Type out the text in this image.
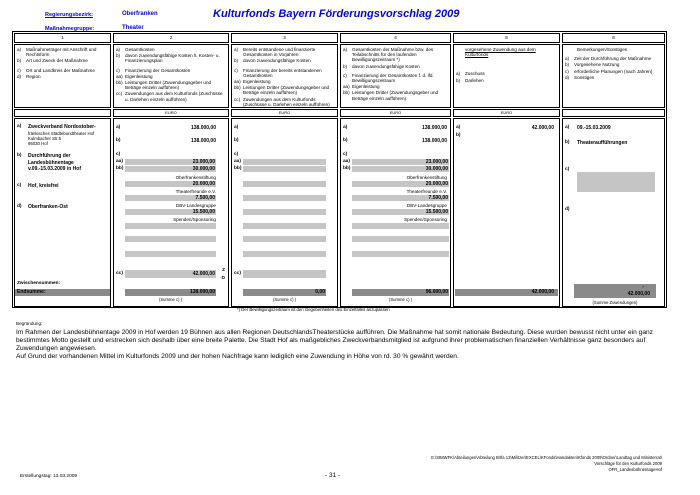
Regierungsbezirk:	Oberfranken
Maßnahmegruppe:	Theater
Kulturfonds Bayern Förderungsvorschlag 2009
1
a)	Maßnahmeträger mit Anschrift und Rechtsform
b)	Art und Zweck der Maßnahme
c)	Ort und Landkreis der Maßnahme
d)	Region
a) Zweckverband Nordostober-
fränkisches Städtebundtheater Hof
Kulmbacher Str.5
95030 Hof
b) Durchführung der Landesbühnentage v.09.-15.03.2009 in Hof
c) Hof, kreisfrei
d) Oberfranken-Ost
Zwischensummen:
Endsumme:
2
a)	Gesamtkosten
b)	davon zuwendungsfähige Kosten lt. Kosten- u. Finanzierungsplan
c)	Finanzierung der Gesamtkosten
aa) Eigenleistung
bb) Leistungen Dritter (Zuwendungsgeber und Beträge einzeln aufführen)
cc) Zuwendungen aus dem Kulturfonds (Zuschüsse u. Darlehen einzeln aufführen)
EURO
a)	138.000,00
b)	138.000,00
c)
aa)	23.000,00
bb)	30.000,00
Oberfrankenstiftung
20.000,00
Theaterfreunde e.V.
7.500,00
DBV-Landesgruppe
15.500,00
Spenden/Sponsoring
cc)	42.000,00
Z
D
138.000,00
(Summe c) )
3
a)	Bereits entstandene und finanzierte Gesamtkosten in Vorjahren
b)	davon zuwendungsfähige Kosten
c)	Finanzierung der bereits entstandenen Gesamtkosten
aa) Eigenleistung
bb) Leistungen Dritter (Zuwendungsgeber und Beträge einzeln aufführen)
cc) Zuwendungen aus dem Kulturfonds (Zuschüsse u. Darlehen einzeln aufführen)
EURO
a)
b)
c)
aa)
bb)
cc)
0,00
(Summe c) )
4
a)	Gesamtkosten der Maßnahme bzw. des Teilabschnitts für den laufenden Bewilligungszeitraum *)
b)	davon zuwendungsfähige Kosten
c)	Finanzierung der Gesamtkosten f. d. lfd. Bewilligungszeitraum
aa) Eigenleistung
bb) Leistungen Dritter (Zuwendungsgeber und Beträge einzeln aufführen)
EURO
a)	138.000,00
b)	138.000,00
c)
aa)	23.000,00
bb)	30.000,00
Oberfrankenstiftung
20.000,00
Theaterfreunde e.V.
7.500,00
DBV-Landesgruppe
15.500,00
Spenden/Sponsoring
96.000,00
(Summe c) )
5
vorgesehene Zuwendung aus dem Kulturfonds
a)	Zuschuss
b)	Darlehen
EURO
a)	42.000,00
b)
42.000,00
6
Bemerkungen/Sonstiges
a)	Zeit der Durchführung der Maßnahme
b)	Vorgesehene Nutzung
c)	erforderliche Planungen (nach Jahren)
d)	Sonstiges
a) 09.-15.03.2009
b) Theateraufführungen
c)
d)
-
42.000,00
(Summe Zuwendungen)
*) Der Bewilligungszeitraum ist den Gegebenheiten des Einzelfalles anzupassen
Begründung:
Im Rahmen der Landesbühnentage 2009 in Hof werden 19 Bühnen aus allen Regionen DeutschlandsTheaterstücke aufführen. Die Maßnahme hat somit nationale Bedeutung. Diese wurden bewusst nicht unter ein ganz bestimmtes Motto gestellt und erstrecken sich deshalb über eine breite Palette. Die Stadt Hof als maßgebliches Zweckverbandsmitglied ist aufgrund ihrer problematischen finanziellen Verhältnisse ganz besonders auf Zuwendungen angewiesen.
Auf Grund der vorhandenen Mittel im Kulturfonds 2009 und der hohen Nachfrage kann lediglich eine Zuwendung in Höhe von rd. 30 % gewährt werden.
G:\StMWFK\Abteilungen\Abteilung B\Ifa 13\Militzer\EXCEL\KFonds\Handakten\Kfonds 2009\Ordner\Landtag und Ministerrat\
Vorschläge für den Kulturfonds 2009
OFR_LandesbühnentageHof
Erstellungstag: 13.03.2009	- 31 -
